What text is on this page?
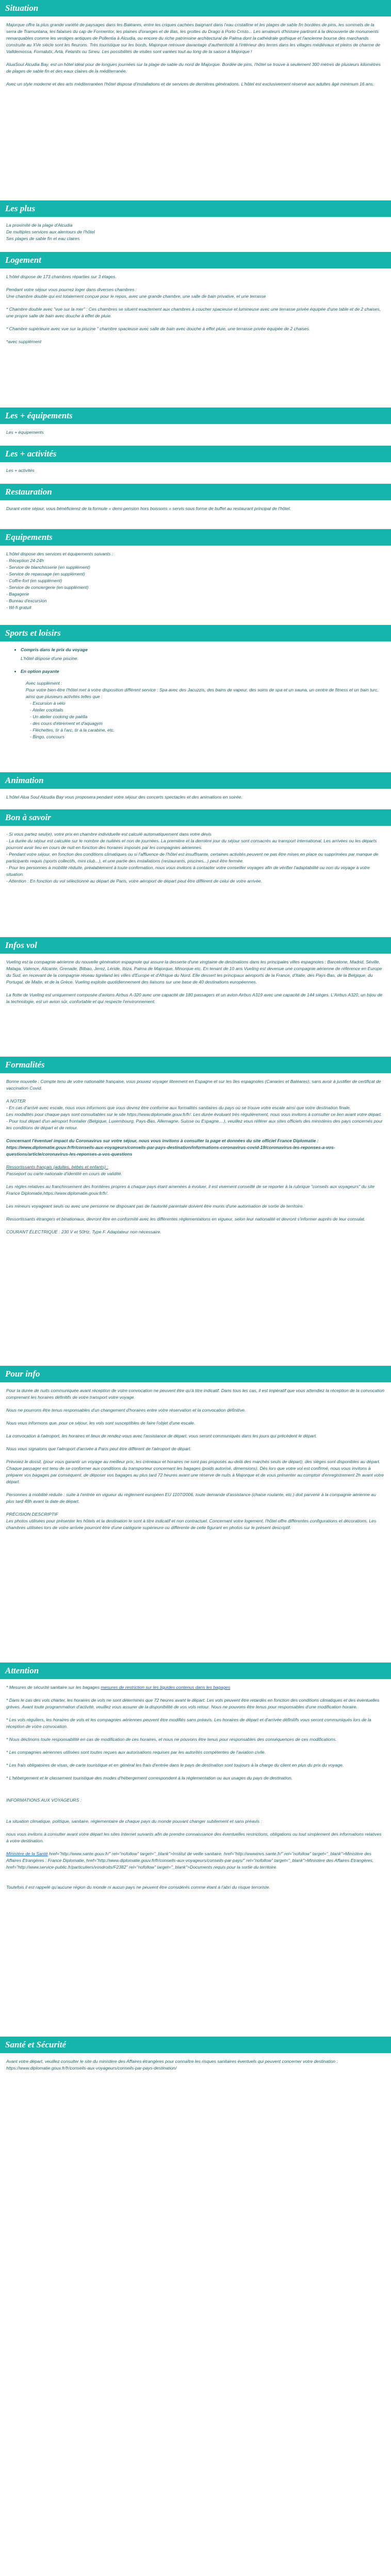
Situation

Majorque offre la plus grande variété de paysages dans les Baléares, entre les criques cachées baignant dans l'eau cristalline et les plages de sable fin bordées de pins, les sommets de la serra de Tramuntana, les falaises du cap de Formentor, les plaines d'oranges et de lilas, les grottes du Drago à Porto Cristo... Les amateurs d'histoire partiront à la découverte de monuments remarquables comme les vestiges antiques de Pollentia à Alcudia, ou encore du riche patrimoine architectural de Palma dont la cathédrale gothique et l'ancienne bourse des marchands construite au XVe siècle sont les fleurons. Très touristique sur les bords, Majorque retrouve davantage d'authenticité à l'intérieur des terres dans les villages médiévaux et pleins de charme de Valldemossa, Fornalutx, Artà, Felanitx ou Sineu. Les possibilités de visites sont variées tout au long de la saison à Majorque !

AluaSoul Alcudia Bay, est un hôtel idéal pour de longues journées sur la plage de sable du nord de Majorque. Bordée de pins, l'hôtel se trouve à seulement 300 mètres de plusieurs kilomètres de plages de sable fin et des eaux claires de la méditerranée.

Avec un style moderne et des arts méditerranéen l'hôtel dispose d'installations et de services de dernières générations. L'hôtel est exclusivement réservé aux adultes âgé minimum 16 ans.

Les plus
La proximité de la plage d'Alcudia
De multiples services aux alentours de l'hôtel
Ses plages de sable fin et eau claires
Logement

L'hôtel dispose de 173 chambres réparties sur 3 étages.

Pendant votre séjour vous pourrez loger dans diverses chambres :

Une chambre double qui est totalement conçue pour le repos, avec une grande chambre, une salle de bain privative, et une terrasse

* Chambre double avec "vue sur la mer" : Ces chambres se situent exactement aux chambres à coucher spacieuse et lumineuse avec une terrasse privée équipée d'une table et de 2 chaises, une propre salle de bain avec douche à effet de pluie.

* Chambre supérieure avec vue sur la piscine " chambre spacieuse avec salle de bain avec douche à effet pluie, une terrasse privée équipée de 2 chaises.

*avec supplément

Les + équipements
Les + équipements
Les + activités
Les + activités
Restauration

Durant votre séjour, vous bénéficierez de la formule « demi-pension hors boissons » servis sous forme de buffet au restaurant principal de l'hôtel.

Equipements
L'hôtel dispose des services et équipements suivants :
- Réception 24-24h
- Service de blanchisserie (en supplément)
- Service de repassage (en supplément)
- Coffre-fort (en supplément)
- Service de conciergerie (en supplément)
- Bagagerie
- Bureau d'excursion
- Wi-fi gratuit
Sports et loisirs
• Compris dans le prix du voyage
L'hôtel dispose d'une piscine.
• En option payante
Avec supplément :
Pour votre bien-être l'hôtel met à votre disposition différent service : Spa avec des Jacuzzis, des bains de vapeur, des soins de spa et un sauna, un centre de fitness et un bain turc, ainsi que plusieurs activités telles que :
- Excursion à vélo
- Atelier cocktails
- Un atelier cooking de paëlla
- des cours d'étirement et d'aquagym
- Fléchettes, tir à l'arc, tir à la carabine, etc.
- Bingo, concours
Animation

L'hôtel Alua Soul Alcudia Bay vous proposera pendant votre séjour des concerts spectacles et des animations en soirée.

Bon à savoir

- Si vous partez seul(e), votre prix en chambre individuelle est calculé automatiquement dans votre devis

- La durée du séjour est calculée sur le nombre de nuitées et non de journées. La première et la dernière jour du séjour sont consacrés au transport international. Les arrivées ou les départs pourront avoir lieu en cours de nuit en fonction des horaires imposés par les compagnies aériennes.

- Pendant votre séjour, en fonction des conditions climatiques ou si l'affluence de l'hôtel est insuffisante, certaines activités peuvent ne pas être mises en place ou supprimées par manque de participants requis (sports collectifs, mini club...), et une partie des installations (restaurants, piscines...) peut être fermée.

- Pour les personnes à mobilité réduite, préalablement à toute confirmation, nous vous invitons à contacter votre conseiller voyages afin de vérifier l'adaptabilité ou non du voyage à votre situation.

- Attention : En fonction du vol sélectionné au départ de Paris, votre aéroport de départ peut être différent de celui de votre arrivée.

Infos vol

Vueling est la compagnie aérienne du nouvelle génération espagnole qui assure la desserte d'une vingtaine de destinations dans les principales villes espagnoles : Barcelone, Madrid, Séville, Malaga, Valence, Alicante, Grenade, Bilbao, Jerez, Léride, Ibiza, Palma de Majorque, Minorque etc. En tenant de 10 ans Vueling est devenue une compagnie aérienne de référence en Europe du Sud, en recevant de la compagnie réseau tigreland les villes d'Europe et d'Afrique du Nord. Elle dessert les principaux aéroports de la France, d'Italie, des Pays-Bas, de la Belgique, du Portugal, de Malte, et de la Grèce. Vueling exploite quotidiennement des liaisons sur une base de 40 destinations européennes.

La flotte de Vueling est uniquement composée d'avions Airbus A-320 avec une capacité de 180 passagers et un avion Airbus A319 avec une capacité de 144 sièges. L'Airbus A320, un bijou de la technologie, est un avion sûr, confortable et qui respecte l'environnement.

Formalités

Bonne nouvelle : Compte tenu de votre nationalité française, vous pouvez voyager librement en Espagne et sur les îles espagnoles (Canaries et Baléares), sans avoir à justifier de certificat de vaccination Covid.

A NOTER
- En cas d'arrivé avec escale, nous vous informons que vous devrez être conforme aux formalités sanitaires du pays où se trouve votre escale ainsi que votre destination finale.
Les modalités pour chaque pays sont consultables sur le site https://www.diplomatie.gouv.fr/fr/. Les durée évoluant très régulièrement, nous vous invitons à consulter ce lien avant votre départ.
- Pour tout départ d'un aéroport frontalier (Belgique, Luxembourg, Pays-Bas, Allemagne, Suisse ou Espagne,...), veuillez vous référer aux sites officiels des ministères des pays concernés pour les conditions de départ et de retour.

Concernant l'éventuel impact du Coronavirus sur votre séjour, nous vous invitons à consulter la page et données du site officiel France Diplomatie : https://www.diplomatie.gouv.fr/fr/conseils-aux-voyageurs/conseils-par-pays-destination/informations-coronavirus-covid-19/coronavirus-les-reponses-a-vos-questions/article/coronavirus-les-reponses-a-vos-questions

Ressortissants français (adultes, bébés et enfants) :
Passeport ou carte nationale d'identité en cours de validité.

Les règles relatives au franchissement des frontières propres à chaque pays étant amenées à évoluer, il est vivement conseillé de se reporter à la rubrique "conseils aux voyageurs" du site France Diplomatie,https://www.diplomatie.gouv.fr/fr/.

Les mineurs voyageant seuls ou avec une personne ne disposant pas de l'autorité parentale doivent être munis d'une autorisation de sortie de territoire.

Ressortissants étrangers et binationaux, devront être en conformité avec les différentes réglementations en vigueur, selon leur nationalité et devront s'informer auprès de leur consulat.

COURANT ÉLECTRIQUE : 230 V et 50Hz. Type F. Adaptateur non nécessaire.

Pour info

Pour la durée de nuits communiquée avant réception de votre convocation ne peuvent être qu'à titre indicatif. Dans tous les cas, il est impératif que vous attendiez la réception de la convocation comprenant les horaires définitifs de votre transport votre voyage.

Nous ne pourrons être tenus responsables d'un changement d'horaires entre votre réservation et la convocation définitive.

Nous vous informons que, pour ce séjour, les vols sont susceptibles de faire l'objet d'une escale.

La convocation à l'aéroport, les horaires et lieux de rendez-vous avec l'assistance de départ, vous seront communiqués dans les jours qui précèdent le départ.

Nous vous signalons que l'aéroport d'arrivée à Paris peut être différent de l'aéroport de départ.

Prévoiez le dossil, (pour vous garantir un voyage au meilleur prix, les créneaux et horaires ne sont pas proposés au-delà des marchés seuls de départ), des sièges sont disponibles au départ. Chaque passager est tenu de se conformer aux conditions du transporteur concernant les bagages (poids autorisé, dimensions). Dès lors que votre vol est confirmé, nous vous invitons à préparer vos bagages par conséquent, de déposer vos bagages au plus tard 72 heures avant une réserve de nuits à Majorque et de vous présenter au comptoir d'enregistrement 2h avant votre départ.

Personnes à mobilité réduite : suite à l'entrée en vigueur du règlement européen EU 1107/2006, toute demande d'assistance (chaise roulante, etc.) doit parvenir à la compagnie aérienne au plus tard 48h avant la date de départ.

PRÉCISION DESCRIPTIF

Les photos utilisées pour présenter les hôtels et la destination le sont à titre indicatif et non contractuel. Concernant votre logement, l'hôtel offre différentes configurations et décorations. Les chambres utilisées lors de votre arrivée pourront être d'une catégorie supérieure ou différente de celle figurant en photos sur le présent descriptif.

Attention

* Mesures de sécurité sanitaire sur les bagages mesures de restriction sur les liquides contenus dans les bagages

* Dans le cas des vols charter, les horaires de vols ne sont déterminés que 72 heures avant le départ. Les vols peuvent être retardés en fonction des conditions climatiques et des éventuelles grèves. Avant toute programmation d'activité, veuillez vous assurer de la disponibilité de vos vols retour. Nous ne pouvons être tenus pour responsables d'une modification horaire.

* Les vols réguliers, les horaires de vols et les compagnies aériennes peuvent être modifiés sans préavis. Les horaires de départ et d'arrivée définitifs vous seront communiqués lors de la réception de votre convocation.

* Nous déclinons toute responsabilité en cas de modification de ces horaires, et nous ne pouvons être tenus pour responsables des conséquences de ces modifications.

* Les compagnies aériennes utilisées sont toutes reçues aux autorisations requises par les autorités compétentes de l'aviation civile.

* Les frais obligatoires de visas, de carte touristique et en général les frais d'entrée dans le pays de destination sont toujours à la charge du client en plus du prix du voyage.

* L'hébergement et le classement touristique des modes d'hébergement correspondent à la réglementation ou aux usages du pays de destination.

INFORMATIONS AUX VOYAGEURS :

La situation climatique, politique, sanitaire, réglementaire de chaque pays du monde pouvant changer subitement et sans préavis :

nous vous invitons à consulter avant votre départ les sites Internet suivants afin de prendre connaissance des éventuelles restrictions, obligations ou tout simplement des informations relatives à votre destination.

Ministère de la Santé href="http://www.sante.gouv.fr/" rel="nofollow" target="_blank">Institut de veille sanitaire, href="http://wwwinvs.sante.fr/" rel="nofollow" target="_blank">Ministère des Affaires Etrangères : France Diplomatie, href="http://www.diplomatie.gouv.fr/fr/conseils-aux-voyageurs/conseils-par-pays/" rel="nofollow" target="_blank">Ministère des Affaires Etrangères, href="http://www.service-public.fr/particuliers/vosdroits/F2382" rel="nofollow" target="_blank">Documents requis pour la sortie du territoire.

Toutefois il est rappelé qu'aucune région du monde ni aucun pays ne peuvent être considérés comme étant à l'abri du risque terroriste.

Santé et Sécurité

Avant votre départ, veuillez consulter le site du ministère des Affaires étrangères pour connaître les risques sanitaires éventuels qui peuvent concerner votre destination : https://www.diplomatie.gouv.fr/fr/conseils-aux-voyageurs/conseils-par-pays-destination/
